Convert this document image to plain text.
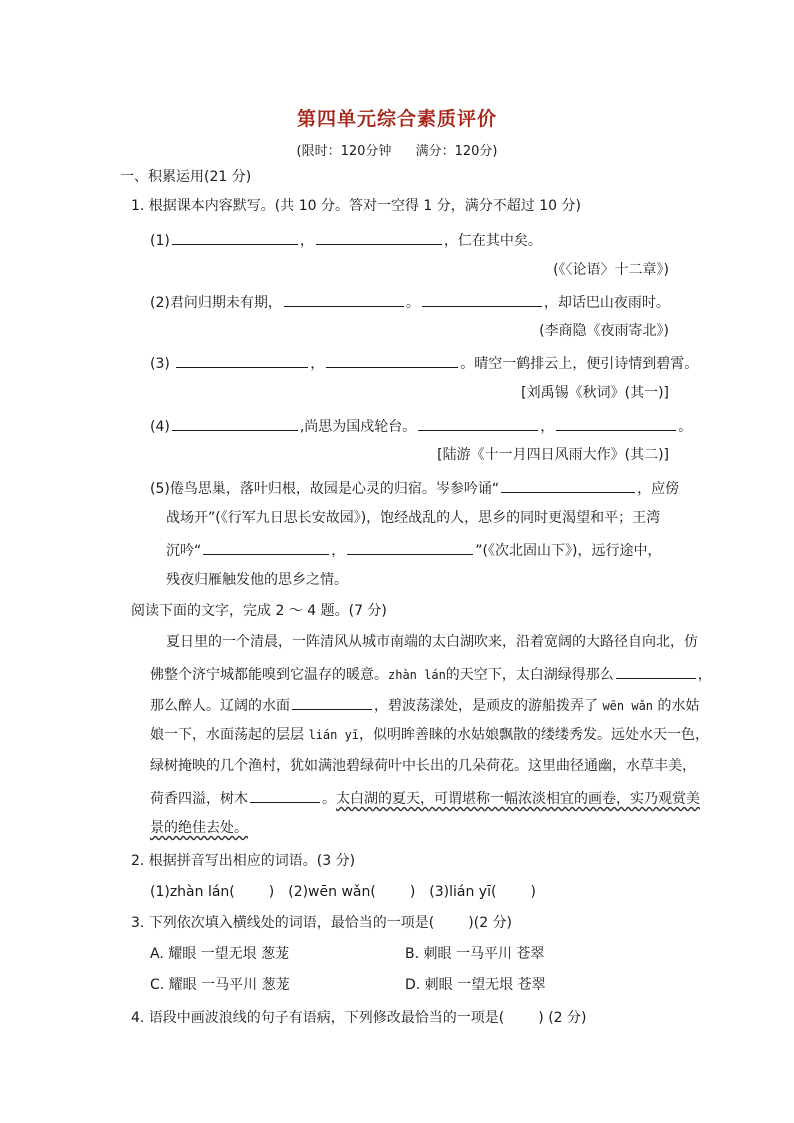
第四单元综合素质评价
(限时：120分钟 满分：120分)
一、积累运用(21 分)
1. 根据课本内容默写。(共 10 分。答对一空得 1 分，满分不超过 10 分)
(1)	，	，仁在其中矣。
(《〈论语〉十二章》)
(2)君问归期未有期，	。	，却话巴山夜雨时。
(李商隐《夜雨寄北》)
(3)	，	。晴空一鹤排云上，便引诗情到碧霄。
[刘禹锡《秋词》(其一)]
(4)	,尚思为国戍轮台。	，	。
[陆游《十一月四日风雨大作》(其二)]
(5)倦鸟思巢，落叶归根，故园是心灵的归宿。岑参吟诵“	，应傍
战场开”(《行军九日思长安故园》)，饱经战乱的人，思乡的同时更渴望和平；王湾
沉吟“	，	”(《次北固山下》)，远行途中，
残夜归雁触发他的思乡之情。
阅读下面的文字，完成 2 ～ 4 题。(7 分)
夏日里的一个清晨，一阵清风从城市南端的太白湖吹来，沿着宽阔的大路径自向北，仿
佛整个济宁城都能嗅到它温存的暖意。zhàn lán的天空下，太白湖绿得那么	，
那么醉人。辽阔的水面	，碧波荡漾处，是顽皮的游船拨弄了 wēn wǎn 的水姑
娘一下，水面荡起的层层 lián yī，似明眸善睐的水姑娘飘散的缕缕秀发。远处水天一色，
绿树掩映的几个渔村，犹如满池碧绿荷叶中长出的几朵荷花。这里曲径通幽，水草丰美，
荷香四溢，树木	。太白湖的夏天，可谓堪称一幅浓淡相宜的画卷，实乃观赏美
景的绝佳去处。
2. 根据拼音写出相应的词语。(3 分)
(1)zhàn lán( )　(2)wēn wǎn( )　(3)lián yī( )
3. 下列依次填入横线处的词语，最恰当的一项是( )(2 分)
A. 耀眼 一望无垠 葱茏	B. 刺眼 一马平川 苍翠
C. 耀眼 一马平川 葱茏	D. 刺眼 一望无垠 苍翠
4. 语段中画波浪线的句子有语病，下列修改最恰当的一项是( ) (2 分)
